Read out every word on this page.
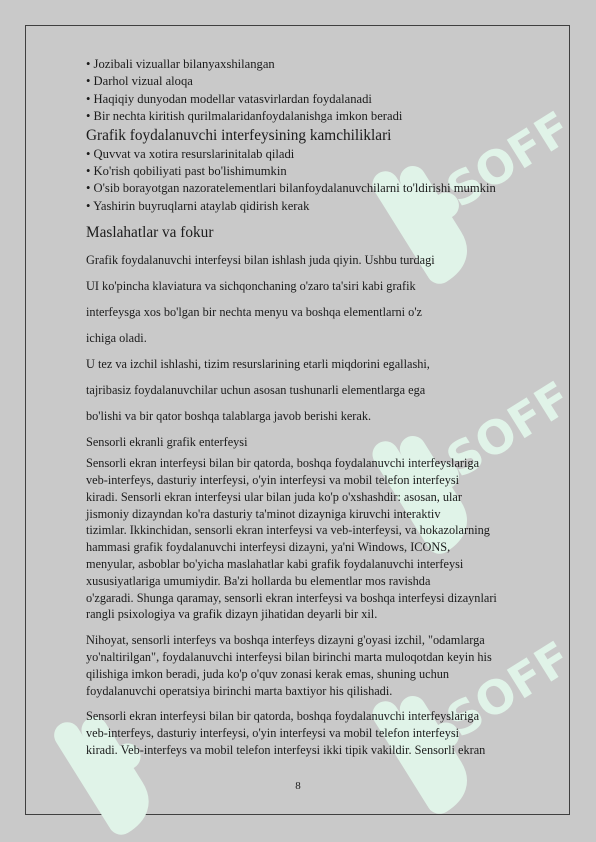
SOFF
SOFF
SOFF
• Jozibali vizuallar bilanyaxshilangan
• Darhol vizual aloqa
• Haqiqiy dunyodan modellar vatasvirlardan foydalanadi
• Bir nechta kiritish qurilmalaridanfoydalanishga imkon beradi
Grafik foydalanuvchi interfeysining kamchiliklari
• Quvvat va xotira resurslarinitalab qiladi
• Ko'rish qobiliyati past bo'lishimumkin
• O'sib borayotgan nazoratelementlari bilanfoydalanuvchilarni to'ldirishi mumkin
• Yashirin buyruqlarni ataylab qidirish kerak
Maslahatlar va fokur

Grafik foydalanuvchi interfeysi bilan ishlash juda qiyin. Ushbu turdagi

UI ko'pincha klaviatura va sichqonchaning o'zaro ta'siri kabi grafik

interfeysga xos bo'lgan bir nechta menyu va boshqa elementlarni o'z

ichiga oladi.

U tez va izchil ishlashi, tizim resurslarining etarli miqdorini egallashi,

tajribasiz foydalanuvchilar uchun asosan tushunarli elementlarga ega

bo'lishi va bir qator boshqa talablarga javob berishi kerak.

Sensorli ekranli grafik enterfeysi

Sensorli ekran interfeysi bilan bir qatorda, boshqa foydalanuvchi interfeyslariga
veb-interfeys, dasturiy interfeysi, o'yin interfeysi va mobil telefon interfeysi
kiradi. Sensorli ekran interfeysi ular bilan juda ko'p o'xshashdir: asosan, ular
jismoniy dizayndan ko'ra dasturiy ta'minot dizayniga kiruvchi interaktiv
tizimlar. Ikkinchidan, sensorli ekran interfeysi va veb-interfeysi, va hokazolarning
hammasi grafik foydalanuvchi interfeysi dizayni, ya'ni Windows, ICONS,
menyular, asboblar bo'yicha maslahatlar kabi grafik foydalanuvchi interfeysi
xususiyatlariga umumiydir. Ba'zi hollarda bu elementlar mos ravishda
o'zgaradi. Shunga qaramay, sensorli ekran interfeysi va boshqa interfeysi dizaynlari
rangli psixologiya va grafik dizayn jihatidan deyarli bir xil.

Nihoyat, sensorli interfeys va boshqa interfeys dizayni g'oyasi izchil, "odamlarga
yo'naltirilgan", foydalanuvchi interfeysi bilan birinchi marta muloqotdan keyin his
qilishiga imkon beradi, juda ko'p o'quv zonasi kerak emas, shuning uchun
foydalanuvchi operatsiya birinchi marta baxtiyor his qilishadi.

Sensorli ekran interfeysi bilan bir qatorda, boshqa foydalanuvchi interfeyslariga
veb-interfeys, dasturiy interfeysi, o'yin interfeysi va mobil telefon interfeysi
kiradi. Veb-interfeys va mobil telefon interfeysi ikki tipik vakildir. Sensorli ekran

8
